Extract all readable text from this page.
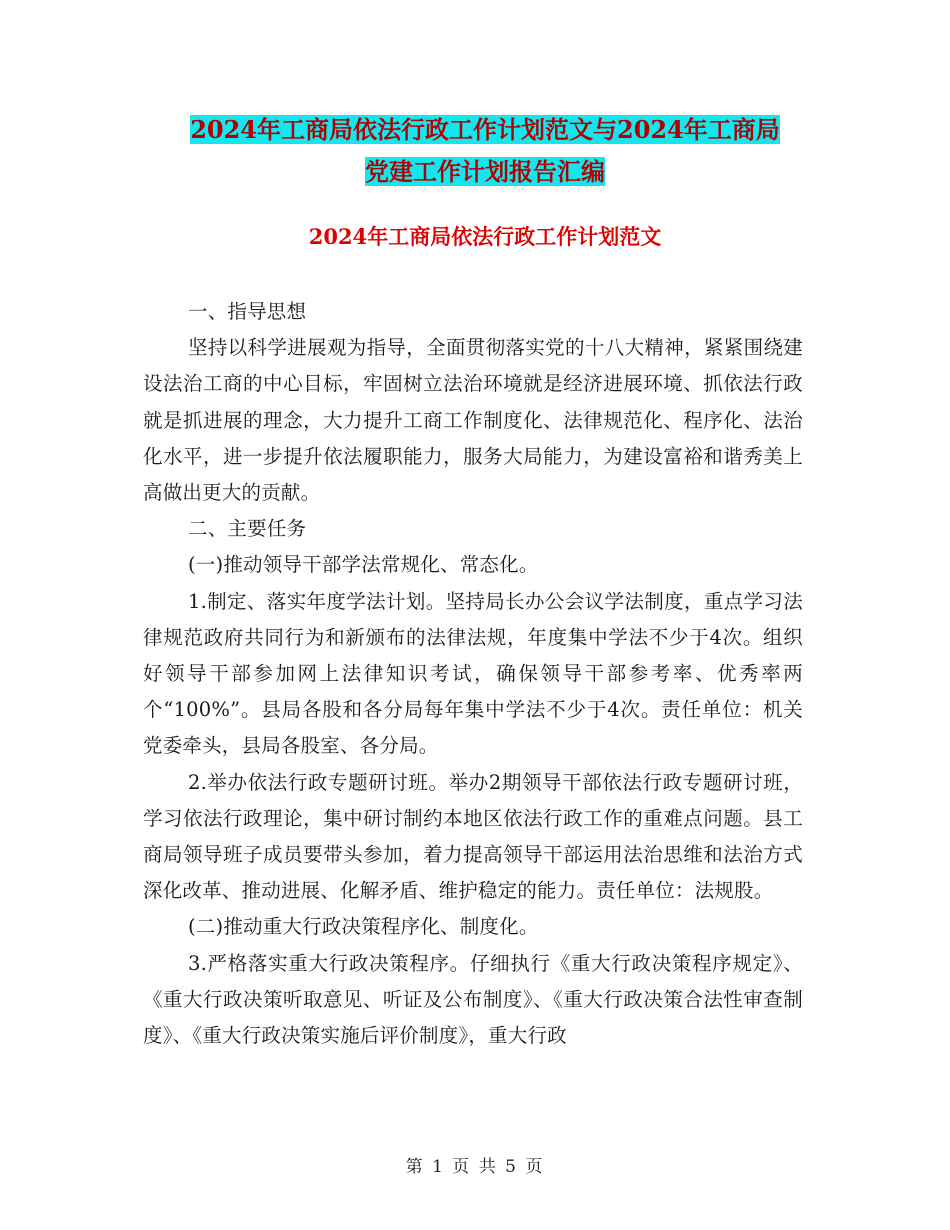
2024年工商局依法行政工作计划范文与2024年工商局
党建工作计划报告汇编
2024年工商局依法行政工作计划范文

一、指导思想

坚持以科学进展观为指导，全面贯彻落实党的十八大精神，紧紧围绕建设法治工商的中心目标，牢固树立法治环境就是经济进展环境、抓依法行政就是抓进展的理念，大力提升工商工作制度化、法律规范化、程序化、法治化水平，进一步提升依法履职能力，服务大局能力，为建设富裕和谐秀美上高做出更大的贡献。

二、主要任务

(一)推动领导干部学法常规化、常态化。

1.制定、落实年度学法计划。坚持局长办公会议学法制度，重点学习法律规范政府共同行为和新颁布的法律法规，年度集中学法不少于4次。组织好领导干部参加网上法律知识考试，确保领导干部参考率、优秀率两个“100%”。县局各股和各分局每年集中学法不少于4次。责任单位：机关党委牵头，县局各股室、各分局。

2.举办依法行政专题研讨班。举办2期领导干部依法行政专题研讨班，学习依法行政理论，集中研讨制约本地区依法行政工作的重难点问题。县工商局领导班子成员要带头参加，着力提高领导干部运用法治思维和法治方式深化改革、推动进展、化解矛盾、维护稳定的能力。责任单位：法规股。

(二)推动重大行政决策程序化、制度化。

3.严格落实重大行政决策程序。仔细执行《重大行政决策程序规定》、《重大行政决策听取意见、听证及公布制度》、《重大行政决策合法性审查制度》、《重大行政决策实施后评价制度》，重大行政

第 1 页 共 5 页
